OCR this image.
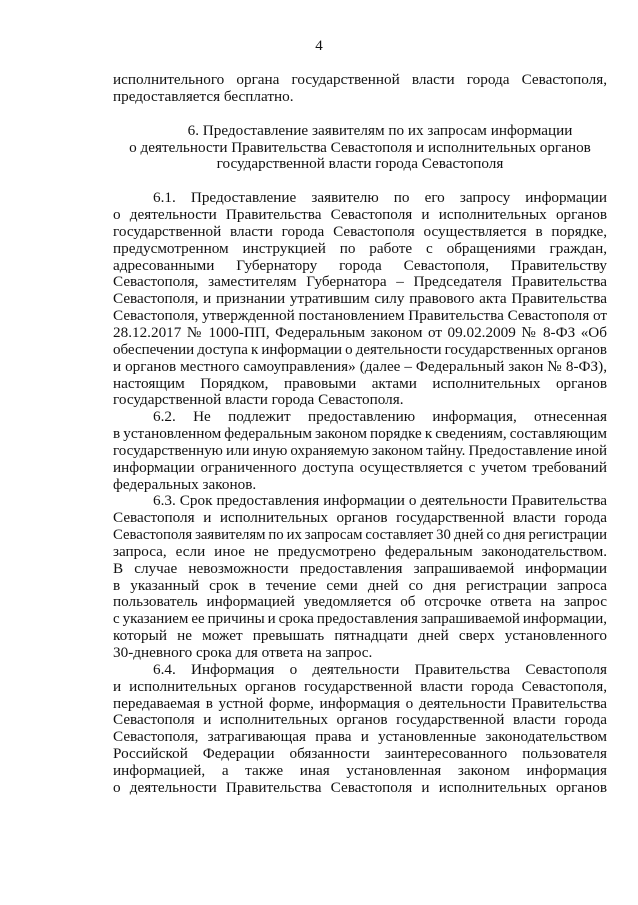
4
исполнительного органа государственной власти города Севастополя,
предоставляется бесплатно.
6. Предоставление заявителям по их запросам информации
о деятельности Правительства Севастополя и исполнительных органов
государственной власти города Севастополя
6.1. Предоставление заявителю по его запросу информации
о деятельности Правительства Севастополя и исполнительных органов
государственной власти города Севастополя осуществляется в порядке,
предусмотренном инструкцией по работе с обращениями граждан,
адресованными Губернатору города Севастополя, Правительству
Севастополя, заместителям Губернатора – Председателя Правительства
Севастополя, и признании утратившим силу правового акта Правительства
Севастополя, утвержденной постановлением Правительства Севастополя от
28.12.2017 № 1000-ПП, Федеральным законом от 09.02.2009 № 8-ФЗ «Об
обеспечении доступа к информации о деятельности государственных органов
и органов местного самоуправления» (далее – Федеральный закон № 8-ФЗ),
настоящим Порядком, правовыми актами исполнительных органов
государственной власти города Севастополя.
6.2. Не подлежит предоставлению информация, отнесенная
в установленном федеральным законом порядке к сведениям, составляющим
государственную или иную охраняемую законом тайну. Предоставление иной
информации ограниченного доступа осуществляется с учетом требований
федеральных законов.
6.3. Срок предоставления информации о деятельности Правительства
Севастополя и исполнительных органов государственной власти города
Севастополя заявителям по их запросам составляет 30 дней со дня регистрации
запроса, если иное не предусмотрено федеральным законодательством.
В случае невозможности предоставления запрашиваемой информации
в указанный срок в течение семи дней со дня регистрации запроса
пользователь информацией уведомляется об отсрочке ответа на запрос
с указанием ее причины и срока предоставления запрашиваемой информации,
который не может превышать пятнадцати дней сверх установленного
30-дневного срока для ответа на запрос.
6.4. Информация о деятельности Правительства Севастополя
и исполнительных органов государственной власти города Севастополя,
передаваемая в устной форме, информация о деятельности Правительства
Севастополя и исполнительных органов государственной власти города
Севастополя, затрагивающая права и установленные законодательством
Российской Федерации обязанности заинтересованного пользователя
информацией, а также иная установленная законом информация
о деятельности Правительства Севастополя и исполнительных органов
